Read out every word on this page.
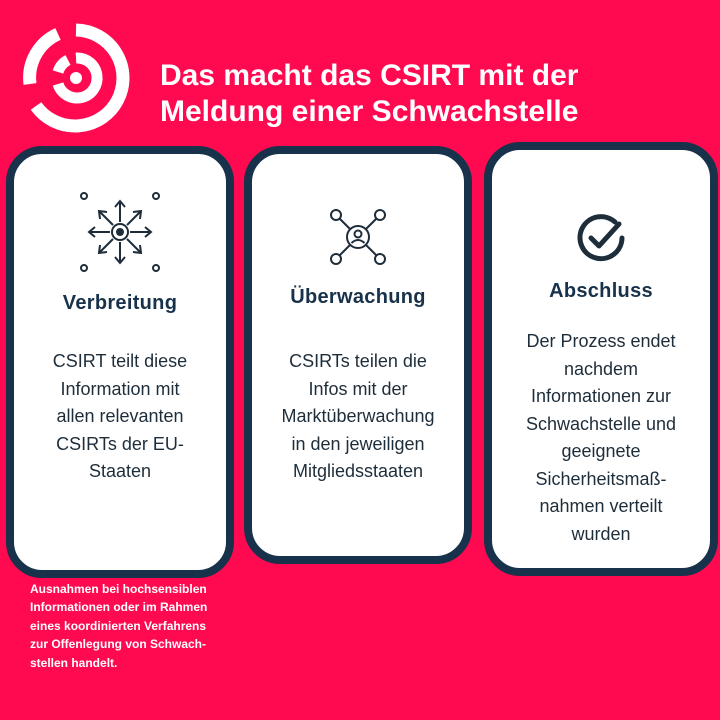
Das macht das CSIRT mit der
Meldung einer Schwachstelle
Verbreitung
CSIRT teilt diese
Information mit
allen relevanten
CSIRTs der EU-
Staaten
Überwachung
CSIRTs teilen die
Infos mit der
Marktüberwachung
in den jeweiligen
Mitgliedsstaaten
Abschluss
Der Prozess endet
nachdem
Informationen zur
Schwachstelle und
geeignete
Sicherheitsmaß-
nahmen verteilt
wurden

Ausnahmen bei hochsensiblen
Informationen oder im Rahmen
eines koordinierten Verfahrens
zur Offenlegung von Schwach-
stellen handelt.
